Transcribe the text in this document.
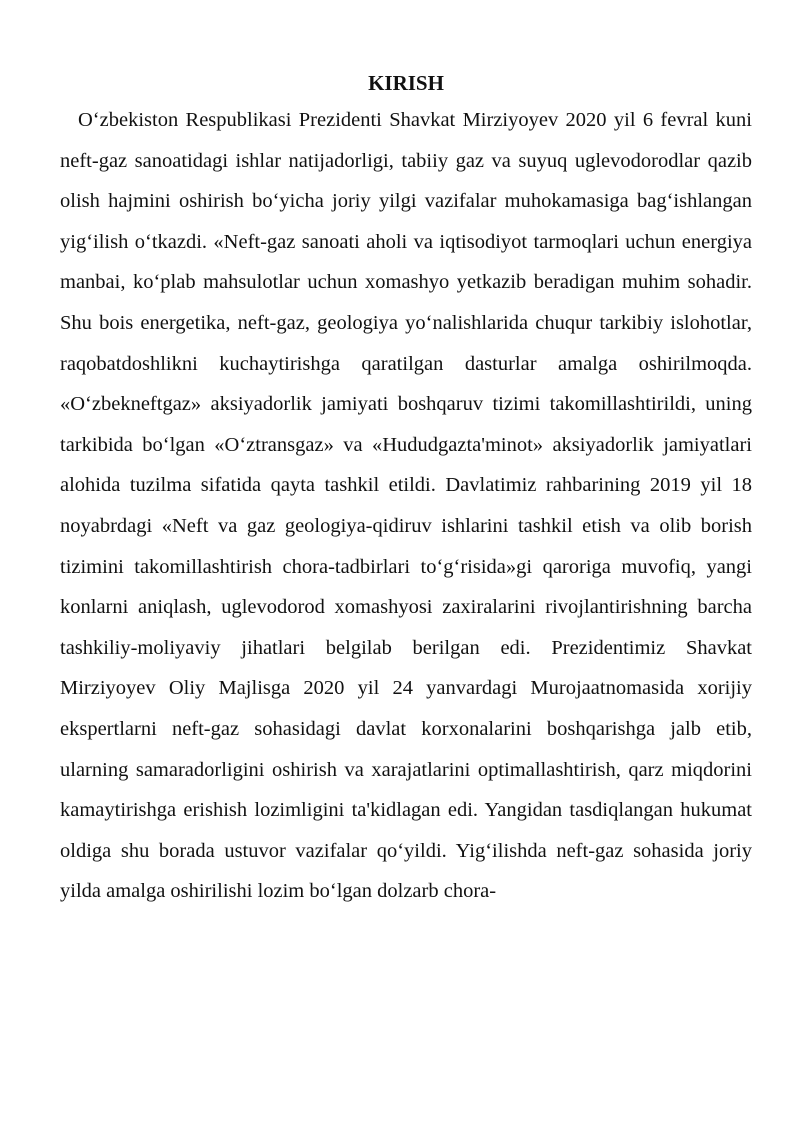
KIRISH

O‘zbekiston Respublikasi Prezidenti Shavkat Mirziyoyev 2020 yil 6 fevral kuni neft-gaz sanoatidagi ishlar natijadorligi, tabiiy gaz va suyuq uglevodorodlar qazib olish hajmini oshirish bo‘yicha joriy yilgi vazifalar muhokamasiga bag‘ishlangan yig‘ilish o‘tkazdi. «Neft-gaz sanoati aholi va iqtisodiyot tarmoqlari uchun energiya manbai, ko‘plab mahsulotlar uchun xomashyo yetkazib beradigan muhim sohadir. Shu bois energetika, neft-gaz, geologiya yo‘nalishlarida chuqur tarkibiy islohotlar, raqobatdoshlikni kuchaytirishga qaratilgan dasturlar amalga oshirilmoqda. «O‘zbekneftgaz» aksiyadorlik jamiyati boshqaruv tizimi takomillashtirildi, uning tarkibida bo‘lgan «O‘ztransgaz» va «Hududgazta'minot» aksiyadorlik jamiyatlari alohida tuzilma sifatida qayta tashkil etildi. Davlatimiz rahbarining 2019 yil 18 noyabrdagi «Neft va gaz geologiya-qidiruv ishlarini tashkil etish va olib borish tizimini takomillashtirish chora-tadbirlari to‘g‘risida»gi qaroriga muvofiq, yangi konlarni aniqlash, uglevodorod xomashyosi zaxiralarini rivojlantirishning barcha tashkiliy-moliyaviy jihatlari belgilab berilgan edi. Prezidentimiz Shavkat Mirziyoyev Oliy Majlisga 2020 yil 24 yanvardagi Murojaatnomasida xorijiy ekspertlarni neft-gaz sohasidagi davlat korxonalarini boshqarishga jalb etib, ularning samaradorligini oshirish va xarajatlarini optimallashtirish, qarz miqdorini kamaytirishga erishish lozimligini ta'kidlagan edi. Yangidan tasdiqlangan hukumat oldiga shu borada ustuvor vazifalar qo‘yildi. Yig‘ilishda neft-gaz sohasida joriy yilda amalga oshirilishi lozim bo‘lgan dolzarb chora-
